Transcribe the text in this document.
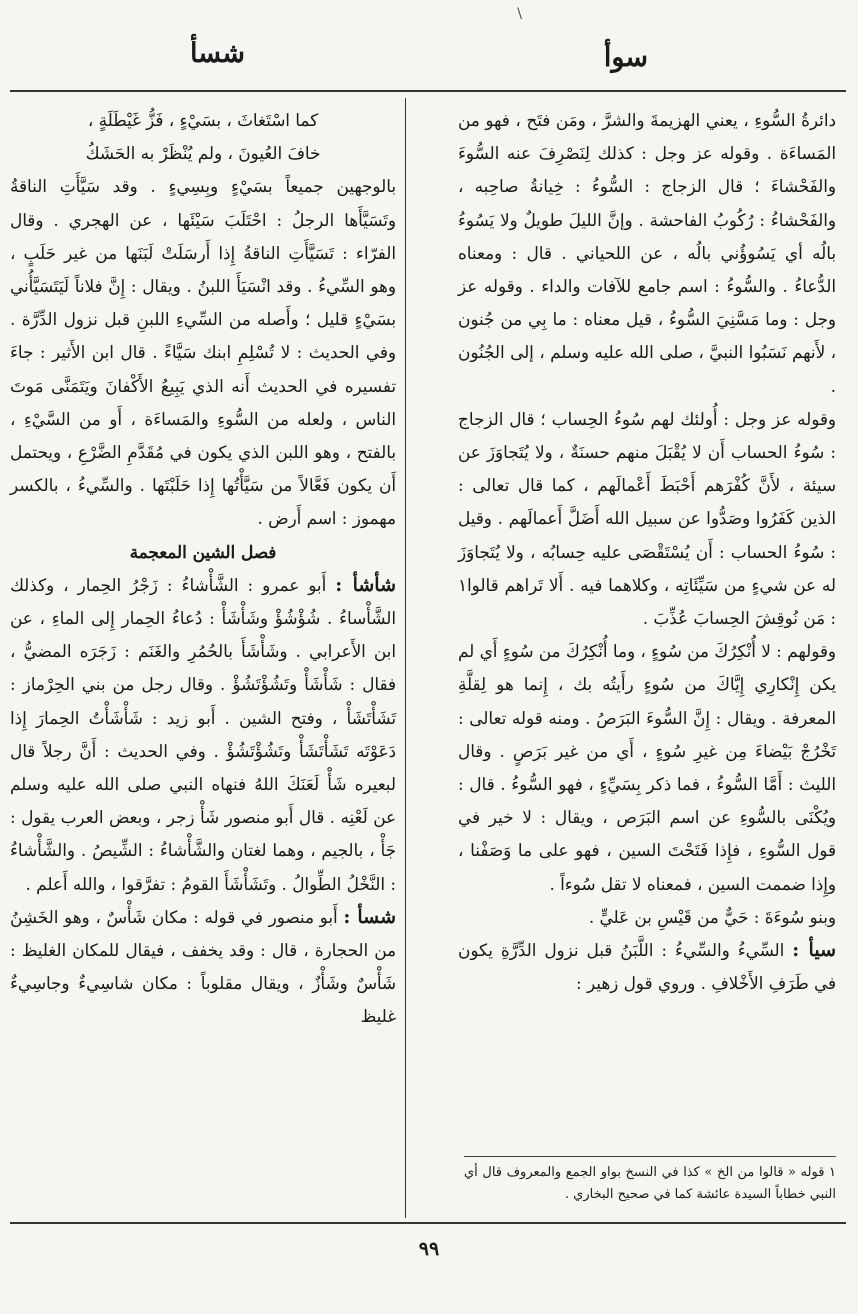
\
سوأ
شسأ

دائرةُ السُّوءِ ، يعني الهزيمةَ والشرَّ ، ومَن فتَح ، فهو من المَساءَة . وقوله عز وجل : كذلك لِنَصْرِفَ عنه السُّوءَ والفَحْشاءَ ؛ قال الزجاج : السُّوءُ : خِيانةُ صاحِبه ، والفَحْشاءُ : رُكُوبُ الفاحشة . وإنَّ الليلَ طويلٌ ولا يَسُوءُ بالُه أي يَسُوؤُني بالُه ، عن اللحياني . قال : ومعناه الدُّعاءُ . والسُّوءُ : اسم جامع للآفات والداء . وقوله عز وجل : وما مَسَّنِيَ السُّوءُ ، قيل معناه : ما بِي من جُنون ، لأَنهم نَسَبُوا النبيَّ ، صلى الله عليه وسلم ، إلى الجُنُون .

وقوله عز وجل : أُولئك لهم سُوءُ الحِساب ؛ قال الزجاج : سُوءُ الحساب أَن لا يُقْبَلَ منهم حسنَةٌ ، ولا يُتَجاوَزَ عن سيئة ، لأَنَّ كُفْرَهم أَحْبَطَ أَعْمالَهم ، كما قال تعالى : الذين كَفَرُوا وصَدُّوا عن سبيل الله أَضَلَّ أَعمالَهم . وقيل : سُوءُ الحساب : أَن يُسْتَقْصَى عليه حِسابُه ، ولا يُتَجاوَزَ له عن شيءٍ من سَيِّئَاتِه ، وكلاهما فيه . أَلا تَراهم قالوا١ : مَن نُوقِشَ الحِسابَ عُذِّبَ .

وقولهم : لا أُنْكِرُكَ من سُوءٍ ، وما أُنْكِرُكَ من سُوءٍ أَي لم يكن إِنْكارِي إِيَّاكَ من سُوءٍ رأَيتُه بك ، إِنما هو لِقلَّةِ المعرفة . ويقال : إِنَّ السُّوءَ البَرَصُ . ومنه قوله تعالى : تَخْرُجْ بَيْضاءَ مِن غيرِ سُوءٍ ، أَي من غير بَرَصٍ . وقال الليث : أَمَّا السُّوءُ ، فما ذكر بِسَيِّءٍ ، فهو السُّوءُ . قال : ويُكْنَى بالسُّوءِ عن اسم البَرَص ، ويقال : لا خير في قول السُّوءِ ، فإِذا فَتَحْتَ السين ، فهو على ما وَصَفْنا ، وإِذا ضممت السين ، فمعناه لا تقل سُوءاً .

وبنو سُوءَةَ : حَيٌّ من قَيْسِ بن عَليٍّ .

سيأ : السِّيءُ والسِّيءُ : اللَّبَنُ قبل نزول الدِّرَّةِ يكون في طَرَفِ الأَخْلافِ . وروي قول زهير :

١ قوله « قالوا من الخ » كذا في النسخ بواو الجمع والمعروف قال أي النبي خطاباً السيدة عائشة كما في صحيح البخاري .

كما اسْتَغاثَ ، بسَيْءٍ ، فَزُّ غَيْطَلَةٍ ،

خافَ العُيونَ ، ولم يُنْظَرْ به الحَشَكُ

بالوجهين جميعاً بسَيْءٍ وبِسِيءٍ . وقد سَيَّأَتِ الناقةُ وتَسَيَّأَها الرجلُ : احْتَلَبَ سَيْئَها ، عن الهجري . وقال الفرّاء : تَسَيَّأَتِ الناقةُ إِذا أَرسَلَتْ لَبَنَها من غير حَلَبٍ ، وهو السِّيءُ . وقد انْسَيَأَ اللبنُ . ويقال : إِنَّ فلاناً لَيَتَسَيَّأُني بسَيْءٍ قليل ؛ وأَصله من السِّيءِ اللبنِ قبل نزول الدِّرَّة . وفي الحديث : لا تُسْلِمِ ابنك سَيَّاءً . قال ابن الأَثير : جاءَ تفسيره في الحديث أَنه الذي يَبِيعُ الأَكْفانَ ويَتَمَنَّى مَوتَ الناس ، ولعله من السُّوءِ والمَساءَة ، أَو من السَّيْءِ ، بالفتح ، وهو اللبن الذي يكون في مُقَدَّمِ الضَّرْعِ ، ويحتمل أَن يكون فَعَّالاً من سَيَّأْتُها إِذا حَلَبْتَها . والسِّيءُ ، بالكسر مهموز : اسم أَرض .

فصل الشين المعجمة

شأشأ : أَبو عمرو : الشَّأْشاءُ : زَجْرُ الحِمار ، وكذلك الشَّأْساءُ . شُؤْشُؤْ وشَأْشَأْ : دُعاءُ الحِمار إِلى الماءِ ، عن ابن الأَعرابي . وشَأْشَأَ بالحُمُرِ والغَنَم : زَجَرَه المضيُّ ، فقال : شَأْشَأْ وتَشُؤْتَشُؤْ . وقال رجل من بني الحِرْماز : تَشَأْتَشَأْ ، وفتح الشين . أَبو زيد : شَأْشَأْتُ الحِمارَ إِذا دَعَوْتَه تَشَأْتَشَأْ وتَشُؤْتَشُؤْ . وفي الحديث : أَنَّ رجلاً قال لبعيره شَأْ لَعَنَكَ اللهُ فنهاه النبي صلى الله عليه وسلم عن لَعْنِه . قال أَبو منصور شَأْ زجر ، وبعض العرب يقول : جَأْ ، بالجيم ، وهما لغتان والشَّأْشاءُ : الشِّيصُ . والشَّأْشاءُ : النَّخْلُ الطِّوالُ . وتَشَأْشَأَ القومُ : تفرَّقوا ، والله أَعلم .

شسأ : أَبو منصور في قوله : مكان شَأْسٌ ، وهو الخَشِنُ من الحجارة ، قال : وقد يخفف ، فيقال للمكان الغليظ : شَأْسٌ وشَأْزٌ ، ويقال مقلوباً : مكان شاسِيءٌ وجاسِيءٌ غليظ

٩٩
